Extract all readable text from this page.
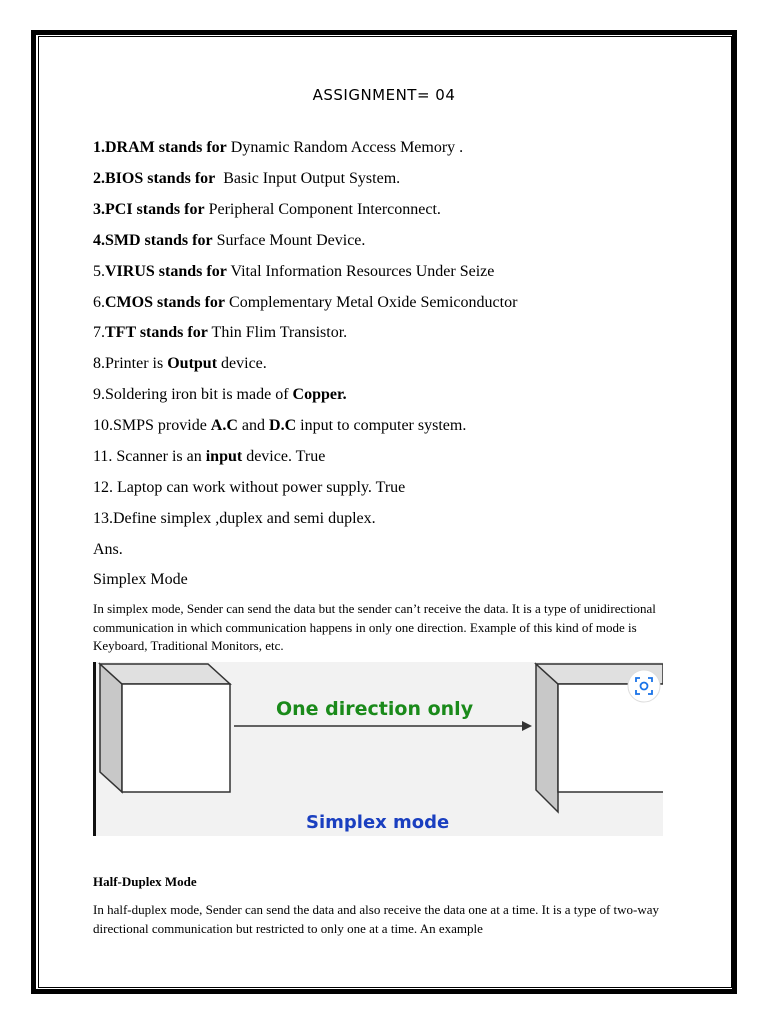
ASSIGNMENT= 04
1.DRAM stands for Dynamic Random Access Memory .
2.BIOS stands for  Basic Input Output System.
3.PCI stands for Peripheral Component Interconnect.
4.SMD stands for Surface Mount Device.
5.VIRUS stands for Vital Information Resources Under Seize
6.CMOS stands for Complementary Metal Oxide Semiconductor
7.TFT stands for Thin Flim Transistor.
8.Printer is Output device.
9.Soldering iron bit is made of Copper.
10.SMPS provide A.C and D.C input to computer system.
11. Scanner is an input device. True
12. Laptop can work without power supply. True
13.Define simplex ,duplex and semi duplex.
Ans.
Simplex Mode
In simplex mode, Sender can send the data but the sender can’t receive the data. It is a type of unidirectional communication in which communication happens in only one direction. Example of this kind of mode is Keyboard, Traditional Monitors, etc.
One direction only
Simplex mode
Half-Duplex Mode
In half-duplex mode, Sender can send the data and also receive the data one at a time. It is a type of two-way directional communication but restricted to only one at a time. An example
